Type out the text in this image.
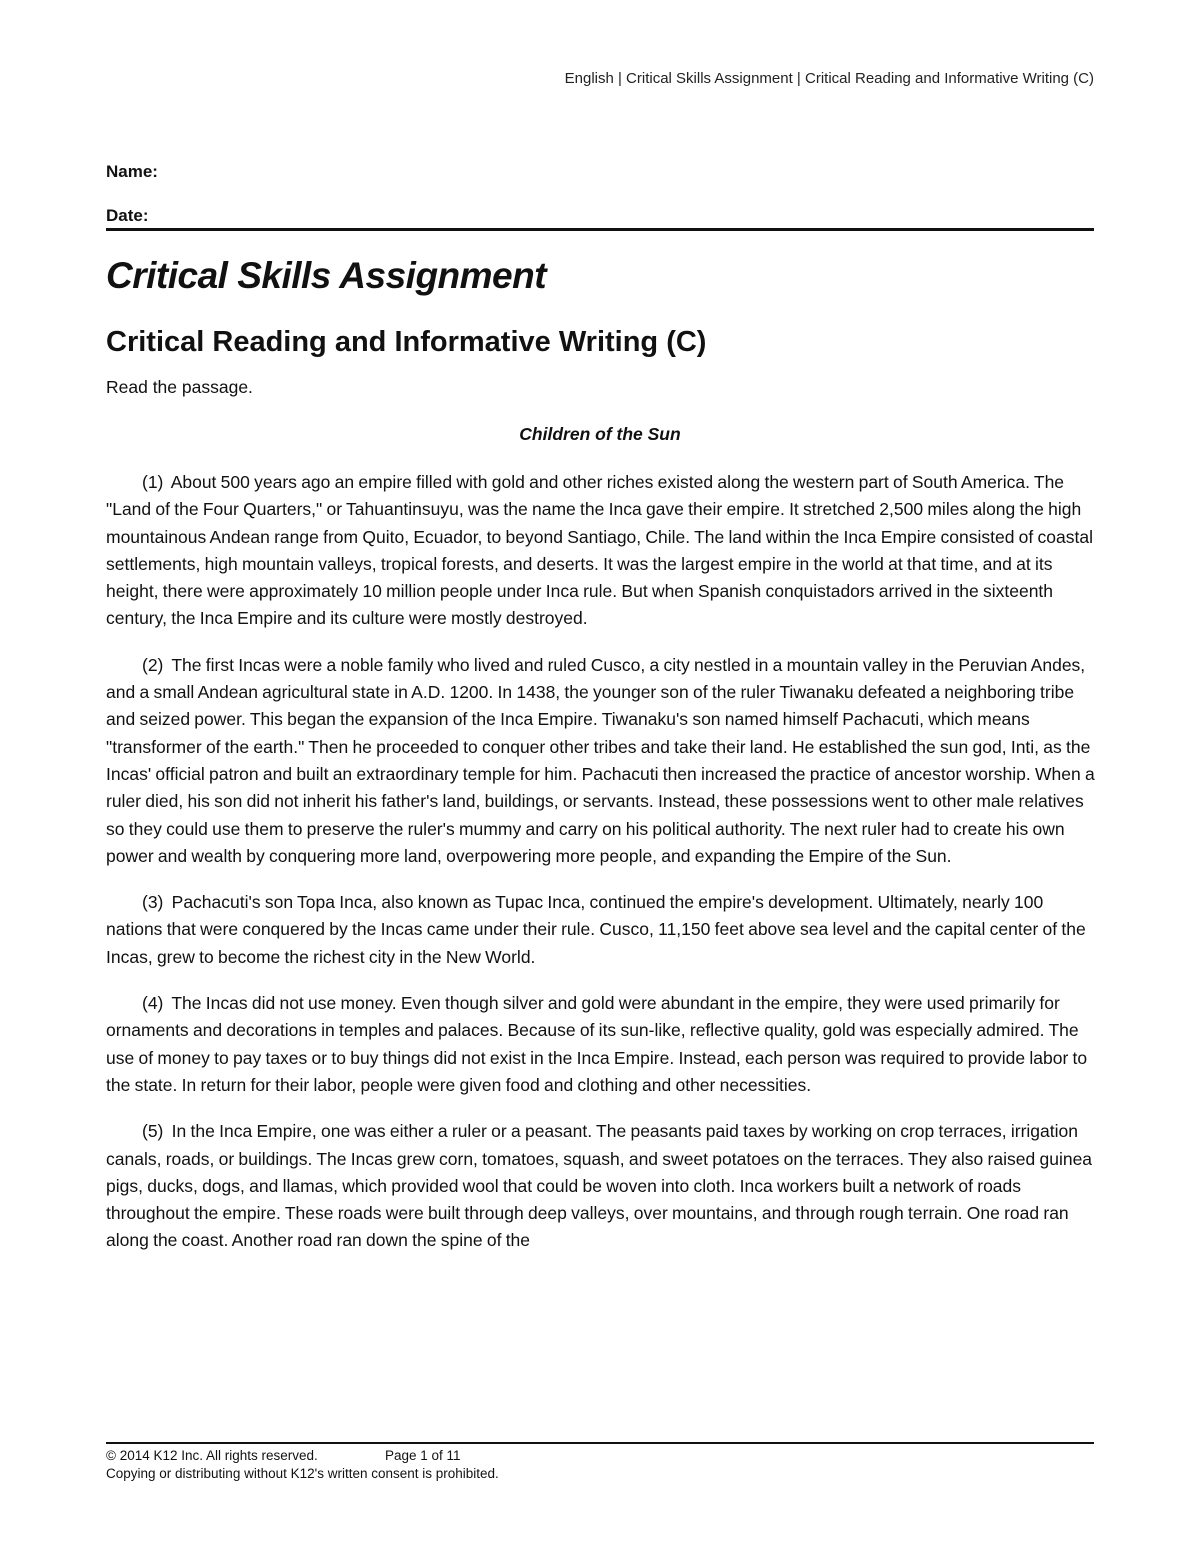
English | Critical Skills Assignment | Critical Reading and Informative Writing (C)
Name:
Date:
Critical Skills Assignment
Critical Reading and Informative Writing (C)

Read the passage.

Children of the Sun

(1) About 500 years ago an empire filled with gold and other riches existed along the western part of South America. The "Land of the Four Quarters," or Tahuantinsuyu, was the name the Inca gave their empire. It stretched 2,500 miles along the high mountainous Andean range from Quito, Ecuador, to beyond Santiago, Chile. The land within the Inca Empire consisted of coastal settlements, high mountain valleys, tropical forests, and deserts. It was the largest empire in the world at that time, and at its height, there were approximately 10 million people under Inca rule. But when Spanish conquistadors arrived in the sixteenth century, the Inca Empire and its culture were mostly destroyed.

(2) The first Incas were a noble family who lived and ruled Cusco, a city nestled in a mountain valley in the Peruvian Andes, and a small Andean agricultural state in A.D. 1200. In 1438, the younger son of the ruler Tiwanaku defeated a neighboring tribe and seized power. This began the expansion of the Inca Empire. Tiwanaku's son named himself Pachacuti, which means "transformer of the earth." Then he proceeded to conquer other tribes and take their land. He established the sun god, Inti, as the Incas' official patron and built an extraordinary temple for him. Pachacuti then increased the practice of ancestor worship. When a ruler died, his son did not inherit his father's land, buildings, or servants. Instead, these possessions went to other male relatives so they could use them to preserve the ruler's mummy and carry on his political authority. The next ruler had to create his own power and wealth by conquering more land, overpowering more people, and expanding the Empire of the Sun.

(3) Pachacuti's son Topa Inca, also known as Tupac Inca, continued the empire's development. Ultimately, nearly 100 nations that were conquered by the Incas came under their rule. Cusco, 11,150 feet above sea level and the capital center of the Incas, grew to become the richest city in the New World.

(4) The Incas did not use money. Even though silver and gold were abundant in the empire, they were used primarily for ornaments and decorations in temples and palaces. Because of its sun-like, reflective quality, gold was especially admired. The use of money to pay taxes or to buy things did not exist in the Inca Empire. Instead, each person was required to provide labor to the state. In return for their labor, people were given food and clothing and other necessities.

(5) In the Inca Empire, one was either a ruler or a peasant. The peasants paid taxes by working on crop terraces, irrigation canals, roads, or buildings. The Incas grew corn, tomatoes, squash, and sweet potatoes on the terraces. They also raised guinea pigs, ducks, dogs, and llamas, which provided wool that could be woven into cloth. Inca workers built a network of roads throughout the empire. These roads were built through deep valleys, over mountains, and through rough terrain. One road ran along the coast. Another road ran down the spine of the

© 2014 K12 Inc. All rights reserved.	Page 1 of 11
Copying or distributing without K12's written consent is prohibited.
